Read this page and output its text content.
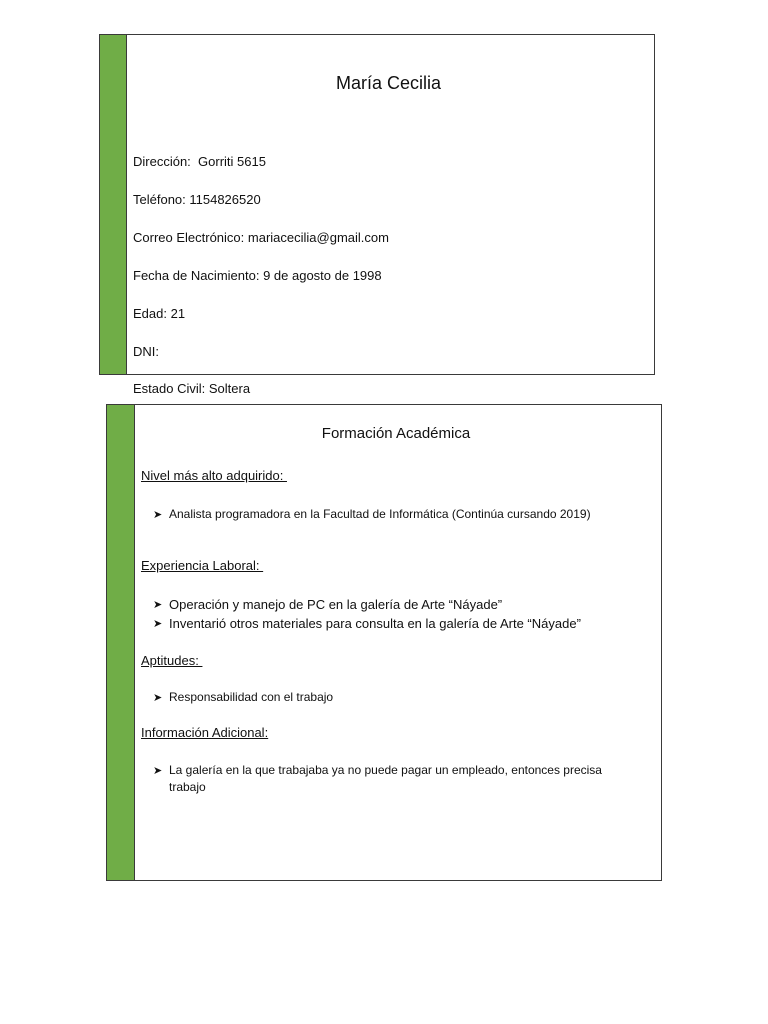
María Cecilia
Dirección:  Gorriti 5615
Teléfono: 1154826520
Correo Electrónico: mariacecilia@gmail.com
Fecha de Nacimiento: 9 de agosto de 1998
Edad: 21
DNI:
Estado Civil: Soltera
Formación Académica
Nivel más alto adquirido:
➤ Analista programadora en la Facultad de Informática (Continúa cursando 2019)
Experiencia Laboral:
➤ Operación y manejo de PC en la galería de Arte “Náyade”
➤ Inventarió otros materiales para consulta en la galería de Arte “Náyade”
Aptitudes:
➤ Responsabilidad con el trabajo
Información Adicional:
➤ La galería en la que trabajaba ya no puede pagar un empleado, entonces precisa trabajo
